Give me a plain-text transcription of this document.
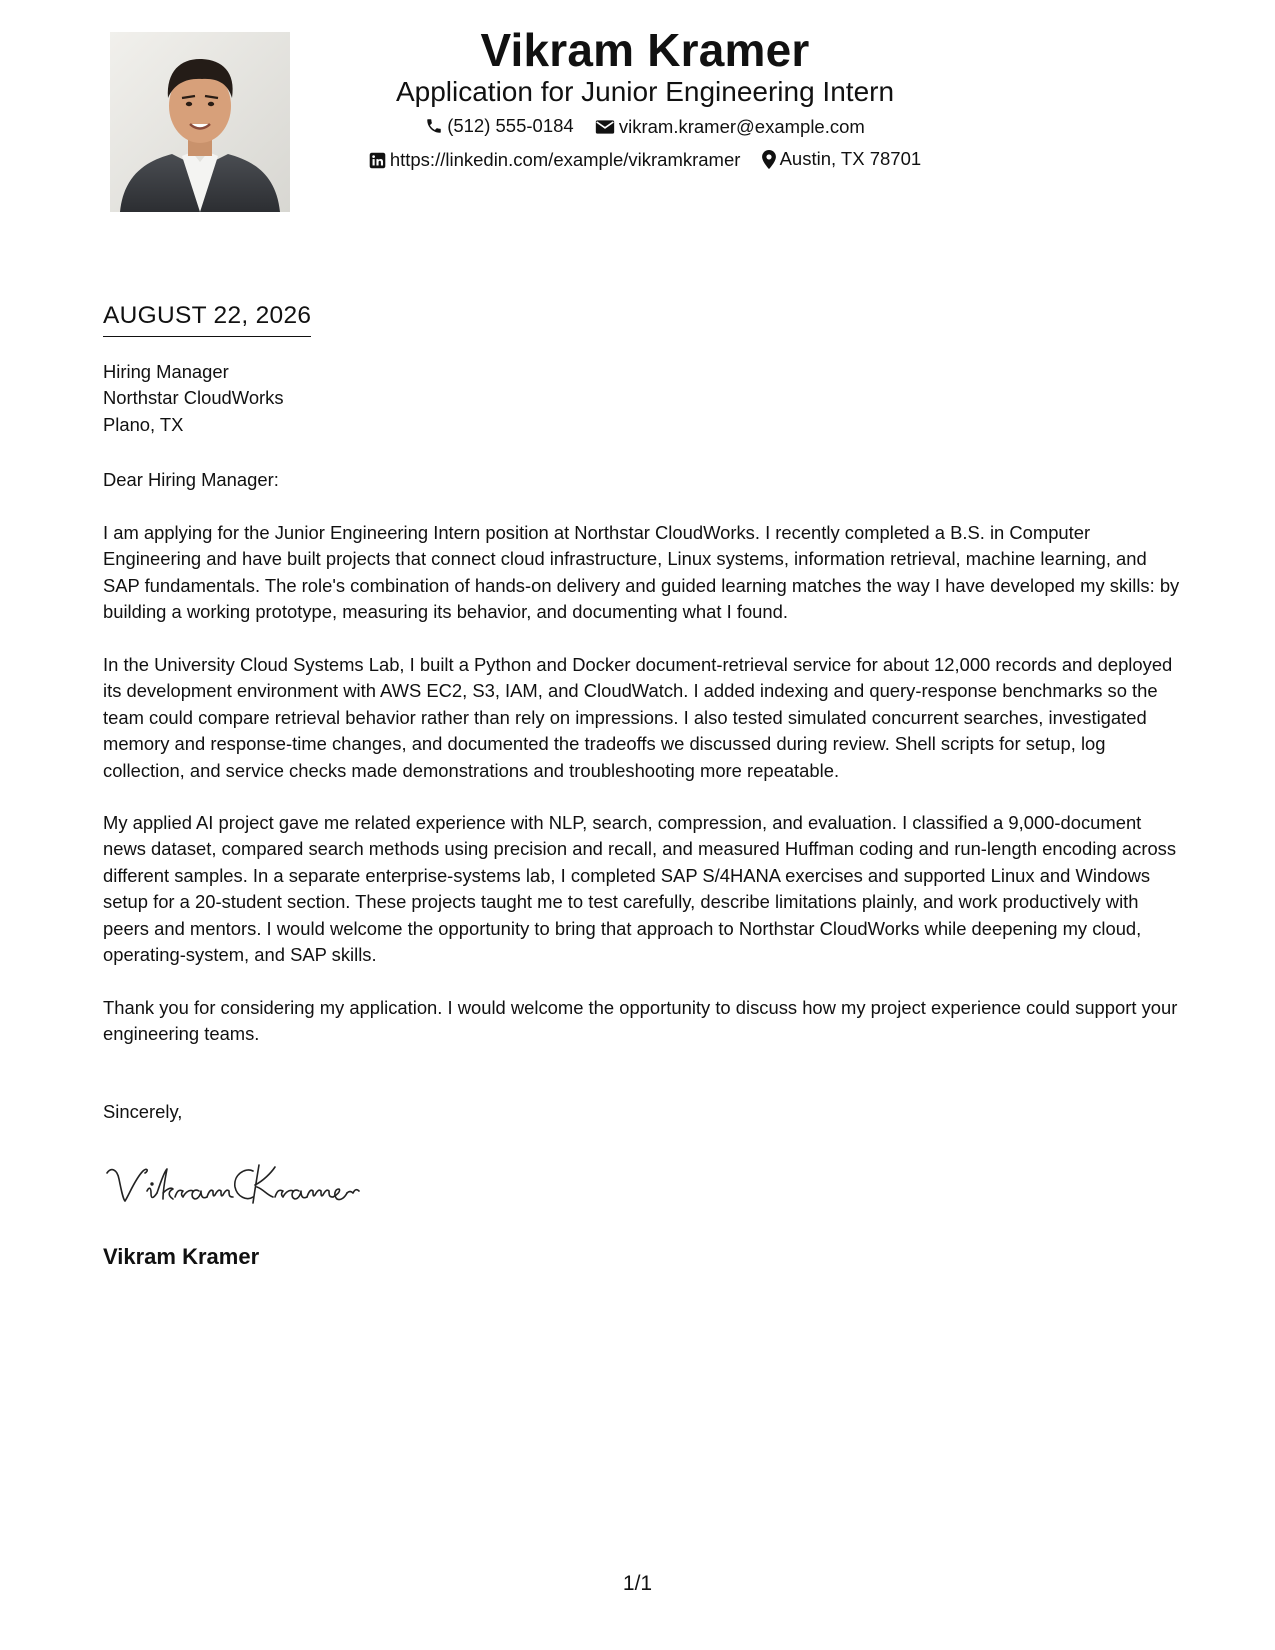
Vikram Kramer
Application for Junior Engineering Intern
(512) 555-0184
vikram.kramer@example.com
https://linkedin.com/example/vikramkramer
Austin, TX 78701
AUGUST 22, 2026
Hiring Manager
Northstar CloudWorks
Plano, TX
Dear Hiring Manager:

I am applying for the Junior Engineering Intern position at Northstar CloudWorks. I recently completed a B.S. in Computer Engineering and have built projects that connect cloud infrastructure, Linux systems, information retrieval, machine learning, and SAP fundamentals. The role's combination of hands-on delivery and guided learning matches the way I have developed my skills: by building a working prototype, measuring its behavior, and documenting what I found.

In the University Cloud Systems Lab, I built a Python and Docker document-retrieval service for about 12,000 records and deployed its development environment with AWS EC2, S3, IAM, and CloudWatch. I added indexing and query-response benchmarks so the team could compare retrieval behavior rather than rely on impressions. I also tested simulated concurrent searches, investigated memory and response-time changes, and documented the tradeoffs we discussed during review. Shell scripts for setup, log collection, and service checks made demonstrations and troubleshooting more repeatable.

My applied AI project gave me related experience with NLP, search, compression, and evaluation. I classified a 9,000-document news dataset, compared search methods using precision and recall, and measured Huffman coding and run-length encoding across different samples. In a separate enterprise-systems lab, I completed SAP S/4HANA exercises and supported Linux and Windows setup for a 20-student section. These projects taught me to test carefully, describe limitations plainly, and work productively with peers and mentors. I would welcome the opportunity to bring that approach to Northstar CloudWorks while deepening my cloud, operating-system, and SAP skills.

Thank you for considering my application. I would welcome the opportunity to discuss how my project experience could support your engineering teams.

Sincerely,
Vikram Kramer
1/1
